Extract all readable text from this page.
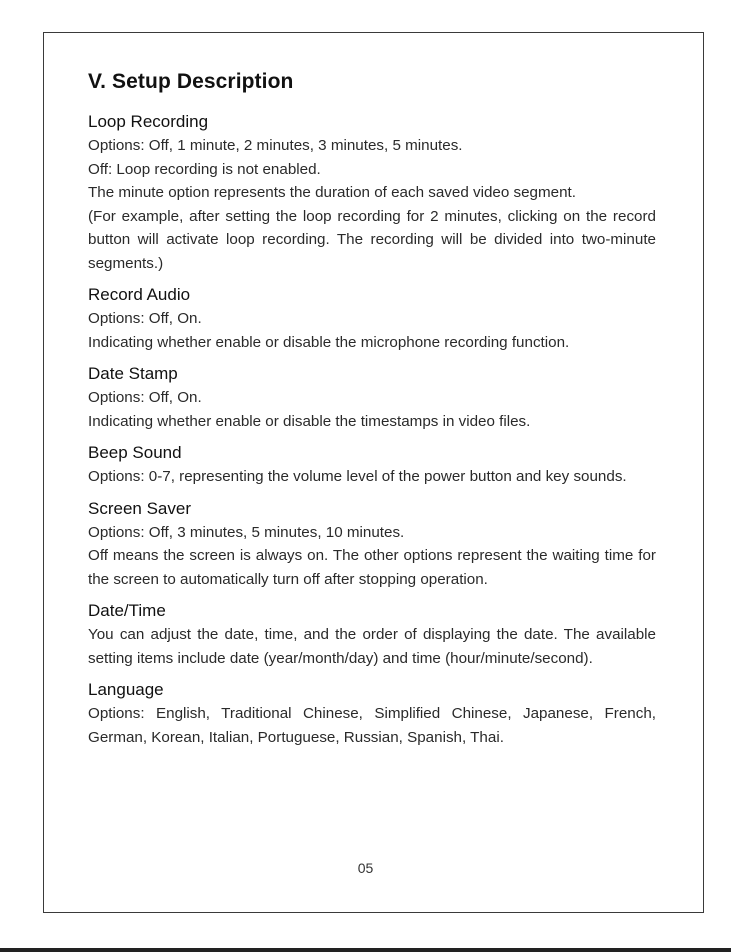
V. Setup Description

Loop Recording

Options: Off, 1 minute, 2 minutes, 3 minutes, 5 minutes.

Off: Loop recording is not enabled.

The minute option represents the duration of each saved video segment.

(For example, after setting the loop recording for 2 minutes, clicking on the record button will activate loop recording. The recording will be divided into two-minute segments.)

Record Audio

Options: Off, On.

Indicating whether enable or disable the microphone recording function.

Date Stamp

Options: Off, On.

Indicating whether enable or disable the timestamps in video files.

Beep Sound

Options: 0-7, representing the volume level of the power button and key sounds.

Screen Saver

Options: Off, 3 minutes, 5 minutes, 10 minutes.

Off means the screen is always on. The other options represent the waiting time for the screen to automatically turn off after stopping operation.

Date/Time

You can adjust the date, time, and the order of displaying the date. The available setting items include date (year/month/day) and time (hour/minute/second).

Language

Options: English, Traditional Chinese, Simplified Chinese, Japanese, French, German, Korean, Italian, Portuguese, Russian, Spanish, Thai.

05
